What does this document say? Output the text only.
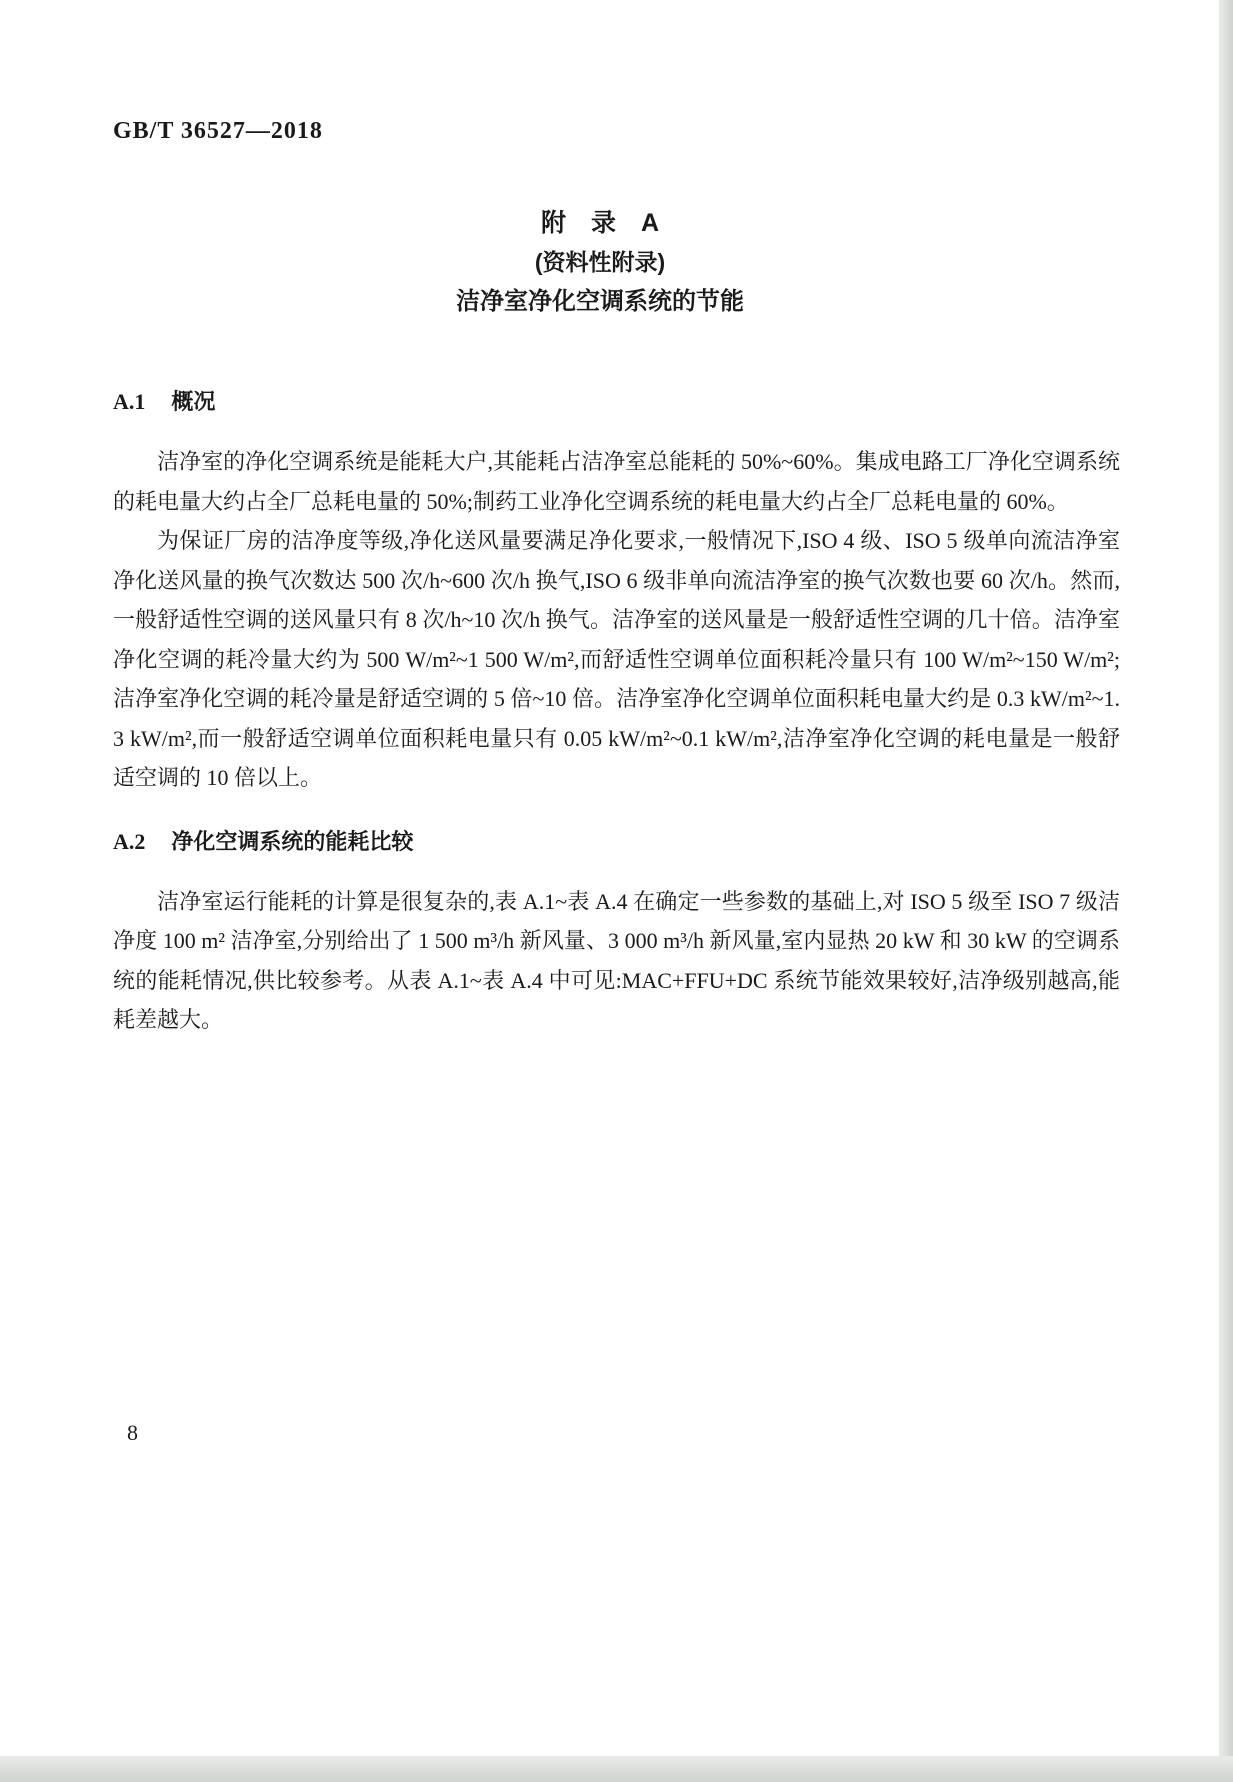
GB/T 36527—2018
附　录　A
(资料性附录)
洁净室净化空调系统的节能
A.1 概况

洁净室的净化空调系统是能耗大户,其能耗占洁净室总能耗的 50%~60%。集成电路工厂净化空调系统的耗电量大约占全厂总耗电量的 50%;制药工业净化空调系统的耗电量大约占全厂总耗电量的 60%。

为保证厂房的洁净度等级,净化送风量要满足净化要求,一般情况下,ISO 4 级、ISO 5 级单向流洁净室净化送风量的换气次数达 500 次/h~600 次/h 换气,ISO 6 级非单向流洁净室的换气次数也要 60 次/h。然而,一般舒适性空调的送风量只有 8 次/h~10 次/h 换气。洁净室的送风量是一般舒适性空调的几十倍。洁净室净化空调的耗冷量大约为 500 W/m²~1 500 W/m²,而舒适性空调单位面积耗冷量只有 100 W/m²~150 W/m²;洁净室净化空调的耗冷量是舒适空调的 5 倍~10 倍。洁净室净化空调单位面积耗电量大约是 0.3 kW/m²~1.3 kW/m²,而一般舒适空调单位面积耗电量只有 0.05 kW/m²~0.1 kW/m²,洁净室净化空调的耗电量是一般舒适空调的 10 倍以上。

A.2 净化空调系统的能耗比较

洁净室运行能耗的计算是很复杂的,表 A.1~表 A.4 在确定一些参数的基础上,对 ISO 5 级至 ISO 7 级洁净度 100 m² 洁净室,分别给出了 1 500 m³/h 新风量、3 000 m³/h 新风量,室内显热 20 kW 和 30 kW 的空调系统的能耗情况,供比较参考。从表 A.1~表 A.4 中可见:MAC+FFU+DC 系统节能效果较好,洁净级别越高,能耗差越大。

8
